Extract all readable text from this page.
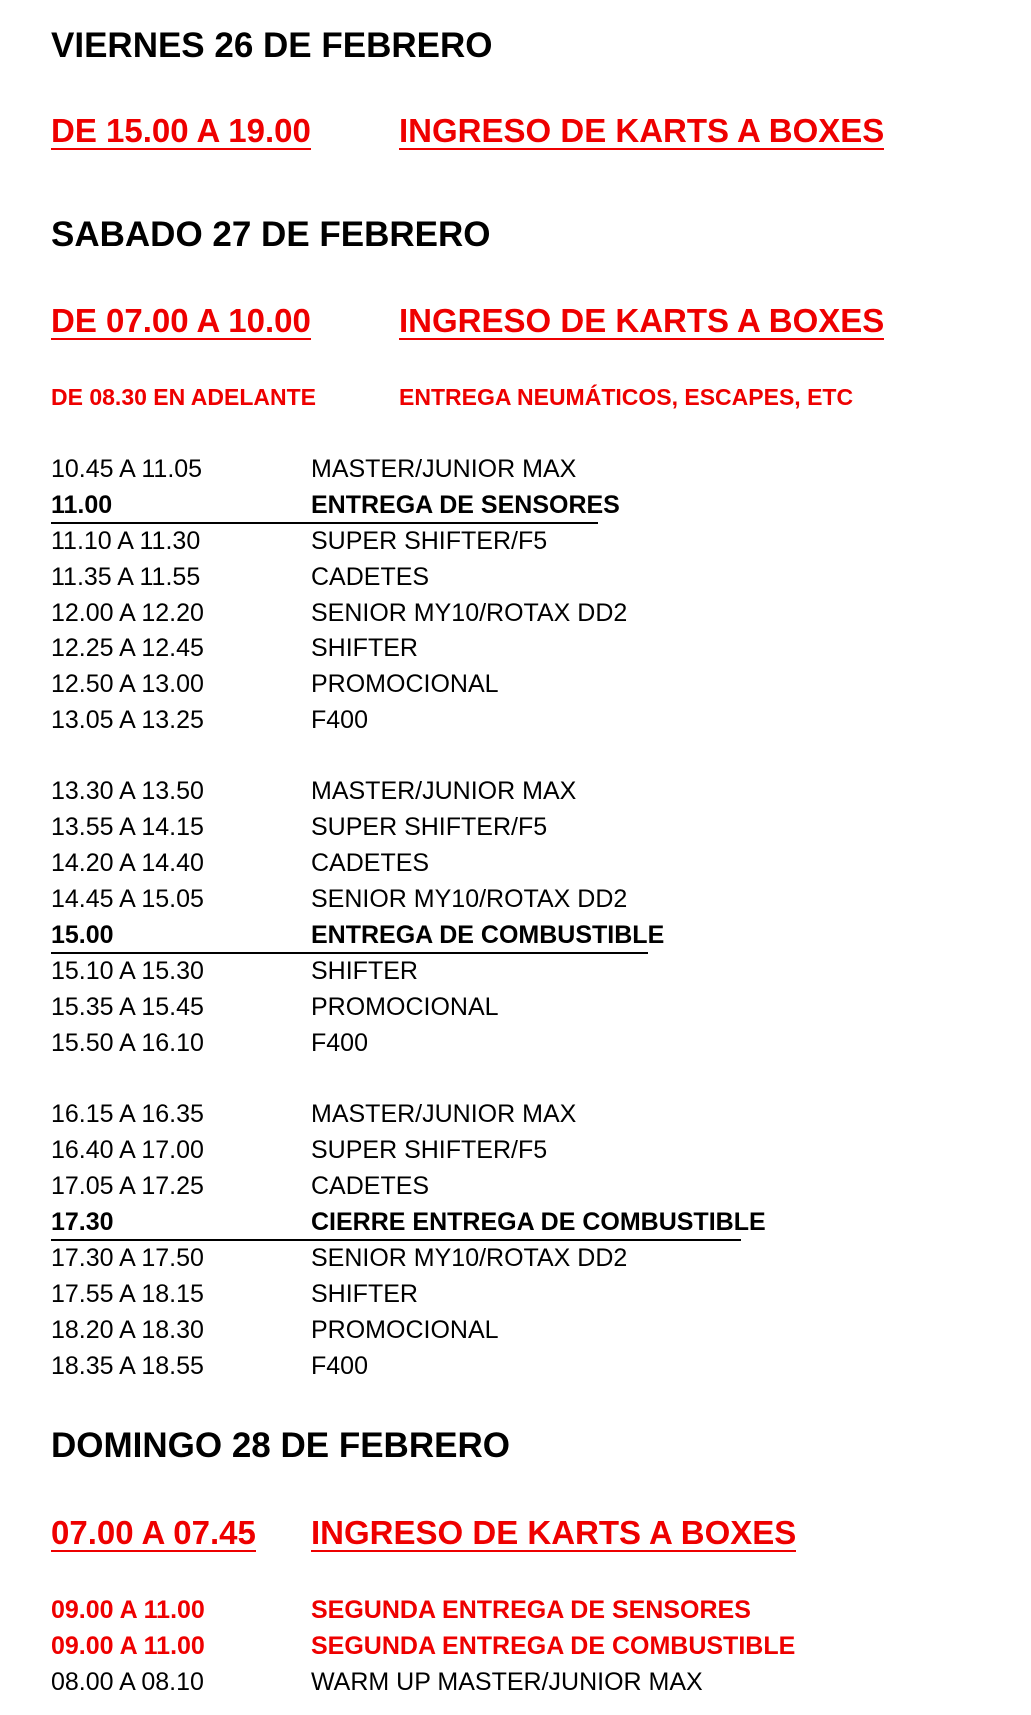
VIERNES 26 DE FEBRERO
DE 15.00 A 19.00	INGRESO DE KARTS A BOXES
SABADO 27 DE FEBRERO
DE 07.00 A 10.00	INGRESO DE KARTS A BOXES
DE 08.30 EN ADELANTE	ENTREGA NEUMÁTICOS, ESCAPES, ETC
10.45 A 11.05	MASTER/JUNIOR MAX
11.00	ENTREGA DE SENSORES
11.10 A 11.30	SUPER SHIFTER/F5
11.35 A 11.55	CADETES
12.00 A 12.20	SENIOR MY10/ROTAX DD2
12.25 A 12.45	SHIFTER
12.50 A 13.00	PROMOCIONAL
13.05 A 13.25	F400
13.30 A 13.50	MASTER/JUNIOR MAX
13.55 A 14.15	SUPER SHIFTER/F5
14.20 A 14.40	CADETES
14.45 A 15.05	SENIOR MY10/ROTAX DD2
15.00	ENTREGA DE COMBUSTIBLE
15.10 A 15.30	SHIFTER
15.35 A 15.45	PROMOCIONAL
15.50 A 16.10	F400
16.15 A 16.35	MASTER/JUNIOR MAX
16.40 A 17.00	SUPER SHIFTER/F5
17.05 A 17.25	CADETES
17.30	CIERRE ENTREGA DE COMBUSTIBLE
17.30 A 17.50	SENIOR MY10/ROTAX DD2
17.55 A 18.15	SHIFTER
18.20 A 18.30	PROMOCIONAL
18.35 A 18.55	F400
DOMINGO 28 DE FEBRERO
07.00 A 07.45 INGRESO DE KARTS A BOXES
09.00 A 11.00	SEGUNDA ENTREGA DE SENSORES
09.00 A 11.00	SEGUNDA ENTREGA DE COMBUSTIBLE
08.00 A 08.10	WARM UP MASTER/JUNIOR MAX
